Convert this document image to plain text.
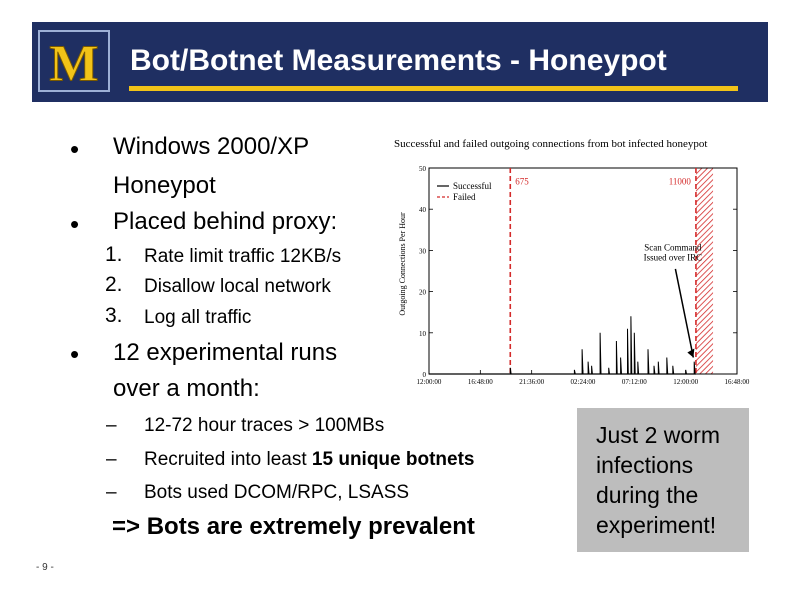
M Bot/Botnet Measurements - Honeypot
• Windows 2000/XP
Honeypot
• Placed behind proxy:
1. Rate limit traffic 12KB/s
2. Disallow local network
3. Log all traffic
• 12 experimental runs
over a month:
– 12-72 hour traces > 100MBs
– Recruited into least 15 unique botnets
– Bots used DCOM/RPC, LSASS
=> Bots are extremely prevalent
Just 2 worm infections during the experiment!
Successful and failed outgoing connections from bot infected honeypot
Outgoing Connections Per Hour
0
10
20
30
40
50
12:00:00	16:48:00	21:36:00	02:24:00	07:12:00	12:00:00	16:48:00
Successful
Failed
675	11000
Scan Command
Issued over IRC
- 9 -
